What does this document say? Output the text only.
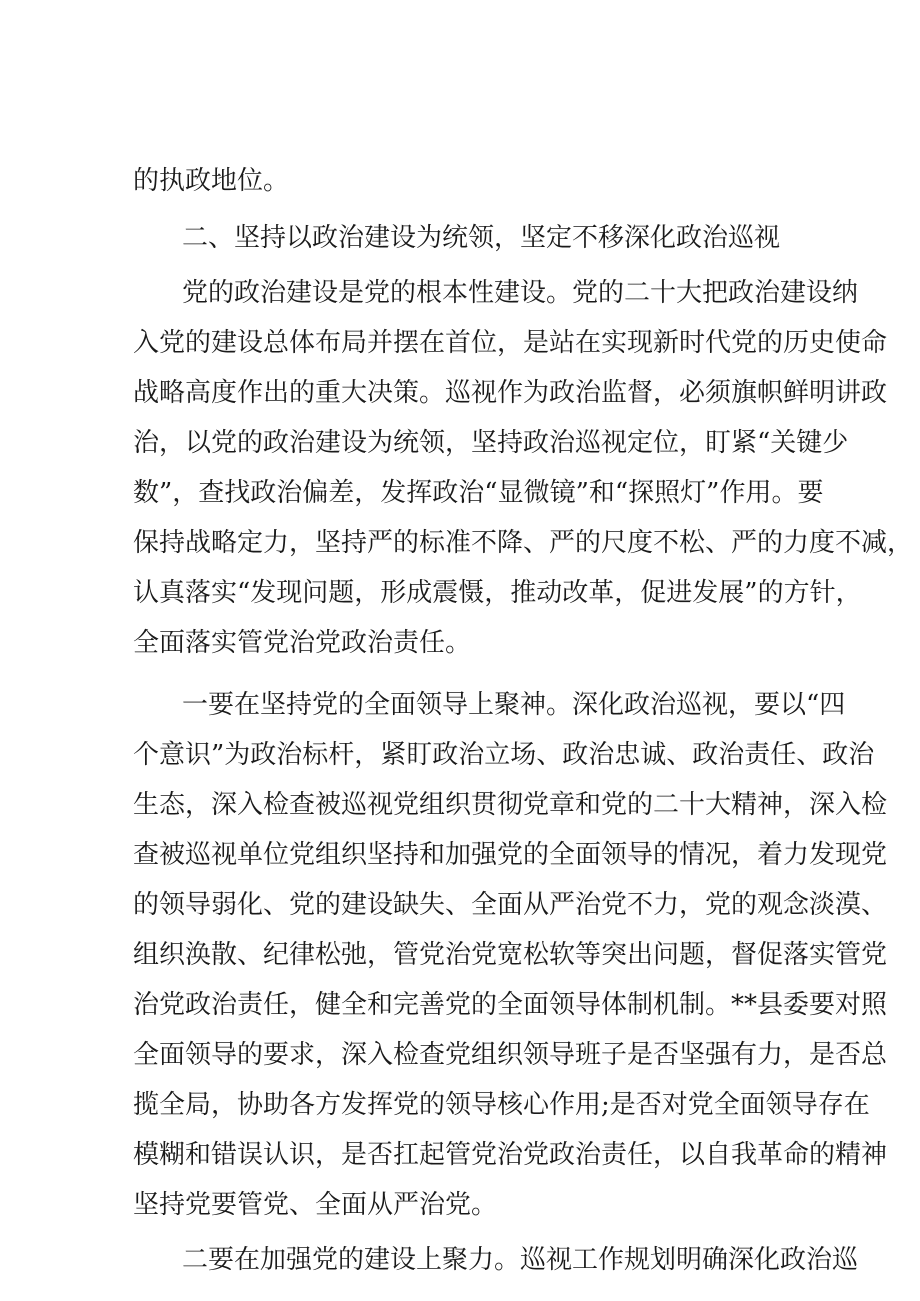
的执政地位。
二、坚持以政治建设为统领，坚定不移深化政治巡视
党的政治建设是党的根本性建设。党的二十大把政治建设纳
入党的建设总体布局并摆在首位，是站在实现新时代党的历史使命
战略高度作出的重大决策。巡视作为政治监督，必须旗帜鲜明讲政
治，以党的政治建设为统领，坚持政治巡视定位，盯紧“关键少
数”，查找政治偏差，发挥政治“显微镜”和“探照灯”作用。要
保持战略定力，坚持严的标准不降、严的尺度不松、严的力度不减，
认真落实“发现问题，形成震慑，推动改革，促进发展”的方针，
全面落实管党治党政治责任。
一要在坚持党的全面领导上聚神。深化政治巡视，要以“四
个意识”为政治标杆，紧盯政治立场、政治忠诚、政治责任、政治
生态，深入检查被巡视党组织贯彻党章和党的二十大精神，深入检
查被巡视单位党组织坚持和加强党的全面领导的情况，着力发现党
的领导弱化、党的建设缺失、全面从严治党不力，党的观念淡漠、
组织涣散、纪律松弛，管党治党宽松软等突出问题，督促落实管党
治党政治责任，健全和完善党的全面领导体制机制。**县委要对照
全面领导的要求，深入检查党组织领导班子是否坚强有力，是否总
揽全局，协助各方发挥党的领导核心作用;是否对党全面领导存在
模糊和错误认识，是否扛起管党治党政治责任，以自我革命的精神
坚持党要管党、全面从严治党。
二要在加强党的建设上聚力。巡视工作规划明确深化政治巡
